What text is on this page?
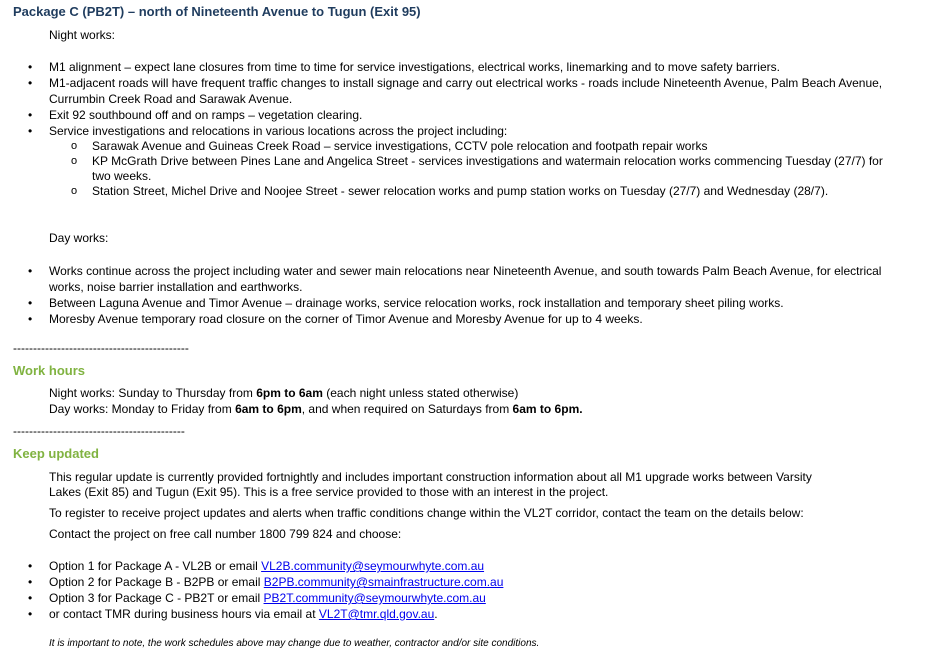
Package C (PB2T) – north of Nineteenth Avenue to Tugun (Exit 95)
Night works:
• M1 alignment – expect lane closures from time to time for service investigations, electrical works, linemarking and to move safety barriers.
• M1-adjacent roads will have frequent traffic changes to install signage and carry out electrical works - roads include Nineteenth Avenue, Palm Beach Avenue, Currumbin Creek Road and Sarawak Avenue.
• Exit 92 southbound off and on ramps – vegetation clearing.
• Service investigations and relocations in various locations across the project including:
o Sarawak Avenue and Guineas Creek Road – service investigations, CCTV pole relocation and footpath repair works
o KP McGrath Drive between Pines Lane and Angelica Street - services investigations and watermain relocation works commencing Tuesday (27/7) for two weeks.
o Station Street, Michel Drive and Noojee Street - sewer relocation works and pump station works on Tuesday (27/7) and Wednesday (28/7).
Day works:
• Works continue across the project including water and sewer main relocations near Nineteenth Avenue, and south towards Palm Beach Avenue, for electrical works, noise barrier installation and earthworks.
• Between Laguna Avenue and Timor Avenue – drainage works, service relocation works, rock installation and temporary sheet piling works.
• Moresby Avenue temporary road closure on the corner of Timor Avenue and Moresby Avenue for up to 4 weeks.
--------------------------------------------
Work hours
Night works: Sunday to Thursday from 6pm to 6am (each night unless stated otherwise)
Day works: Monday to Friday from 6am to 6pm, and when required on Saturdays from 6am to 6pm.
-------------------------------------------
Keep updated
This regular update is currently provided fortnightly and includes important construction information about all M1 upgrade works between Varsity
Lakes (Exit 85) and Tugun (Exit 95). This is a free service provided to those with an interest in the project.
To register to receive project updates and alerts when traffic conditions change within the VL2T corridor, contact the team on the details below:
Contact the project on free call number 1800 799 824 and choose:
• Option 1 for Package A - VL2B or email VL2B.community@seymourwhyte.com.au
• Option 2 for Package B - B2PB or email B2PB.community@smainfrastructure.com.au
• Option 3 for Package C - PB2T or email PB2T.community@seymourwhyte.com.au
• or contact TMR during business hours via email at VL2T@tmr.qld.gov.au.
It is important to note, the work schedules above may change due to weather, contractor and/or site conditions.
